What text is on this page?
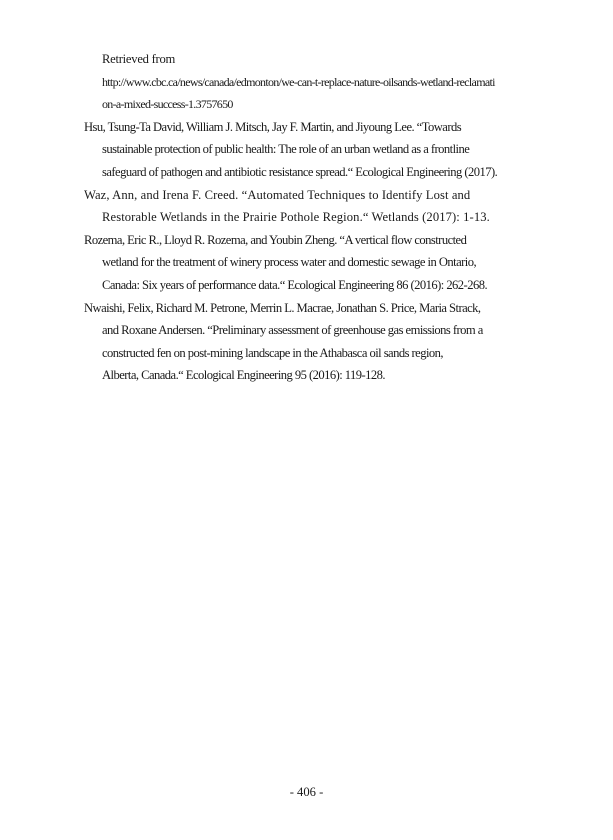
Retrieved from
http://www.cbc.ca/news/canada/edmonton/we-can-t-replace-nature-oilsands-wetland-reclamati
on-a-mixed-success-1.3757650
Hsu, Tsung-Ta David, William J. Mitsch, Jay F. Martin, and Jiyoung Lee. “Towards
sustainable protection of public health: The role of an urban wetland as a frontline
safeguard of pathogen and antibiotic resistance spread.“ Ecological Engineering (2017).
Waz, Ann, and Irena F. Creed. “Automated Techniques to Identify Lost and
Restorable Wetlands in the Prairie Pothole Region.“ Wetlands (2017): 1-13.
Rozema, Eric R., Lloyd R. Rozema, and Youbin Zheng. “A vertical flow constructed
wetland for the treatment of winery process water and domestic sewage in Ontario,
Canada: Six years of performance data.“ Ecological Engineering 86 (2016): 262-268.
Nwaishi, Felix, Richard M. Petrone, Merrin L. Macrae, Jonathan S. Price, Maria Strack,
and Roxane Andersen. “Preliminary assessment of greenhouse gas emissions from a
constructed fen on post-mining landscape in the Athabasca oil sands region,
Alberta, Canada.“ Ecological Engineering 95 (2016): 119-128.
- 406 -
